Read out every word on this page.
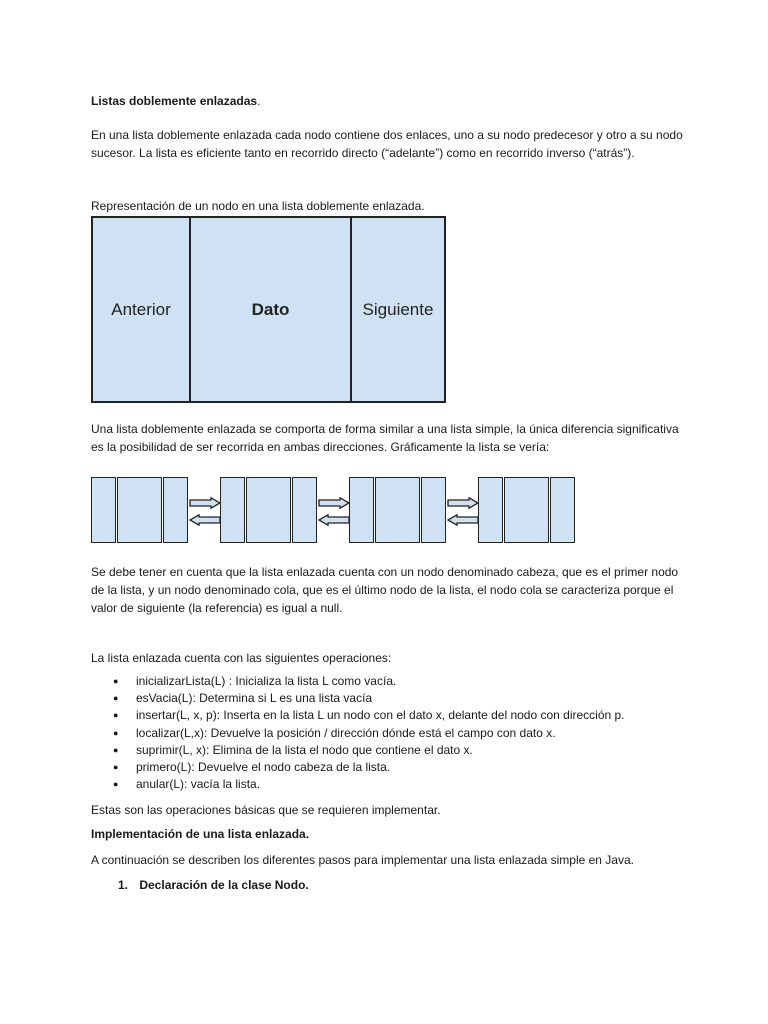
Listas doblemente enlazadas.

En una lista doblemente enlazada cada nodo contiene dos enlaces, uno a su nodo predecesor y otro a su nodo sucesor. La lista es eficiente tanto en recorrido directo (“adelante”) como en recorrido inverso (“atrás”).

Representación de un nodo en una lista doblemente enlazada.

Anterior	Dato	Siguiente

Una lista doblemente enlazada se comporta de forma similar a una lista simple, la única diferencia significativa es la posibilidad de ser recorrida en ambas direcciones. Gráficamente la lista se vería:

Se debe tener en cuenta que la lista enlazada cuenta con un nodo denominado cabeza, que es el primer nodo de la lista, y un nodo denominado cola, que es el último nodo de la lista, el nodo cola se caracteriza porque el valor de siguiente (la referencia) es igual a null.

La lista enlazada cuenta con las siguientes operaciones:

● inicializarLista(L) : Inicializa la lista L como vacía.
● esVacia(L): Determina si L es una lista vacía
● insertar(L, x, p): Inserta en la lista L un nodo con el dato x, delante del nodo con dirección p.
● localizar(L,x): Devuelve la posición / dirección dónde está el campo con dato x.
● suprimir(L, x): Elimina de la lista el nodo que contiene el dato x.
● primero(L): Devuelve el nodo cabeza de la lista.
● anular(L): vacía la lista.

Estas son las operaciones básicas que se requieren implementar.

Implementación de una lista enlazada.

A continuación se describen los diferentes pasos para implementar una lista enlazada simple en Java.

1. Declaración de la clase Nodo.
